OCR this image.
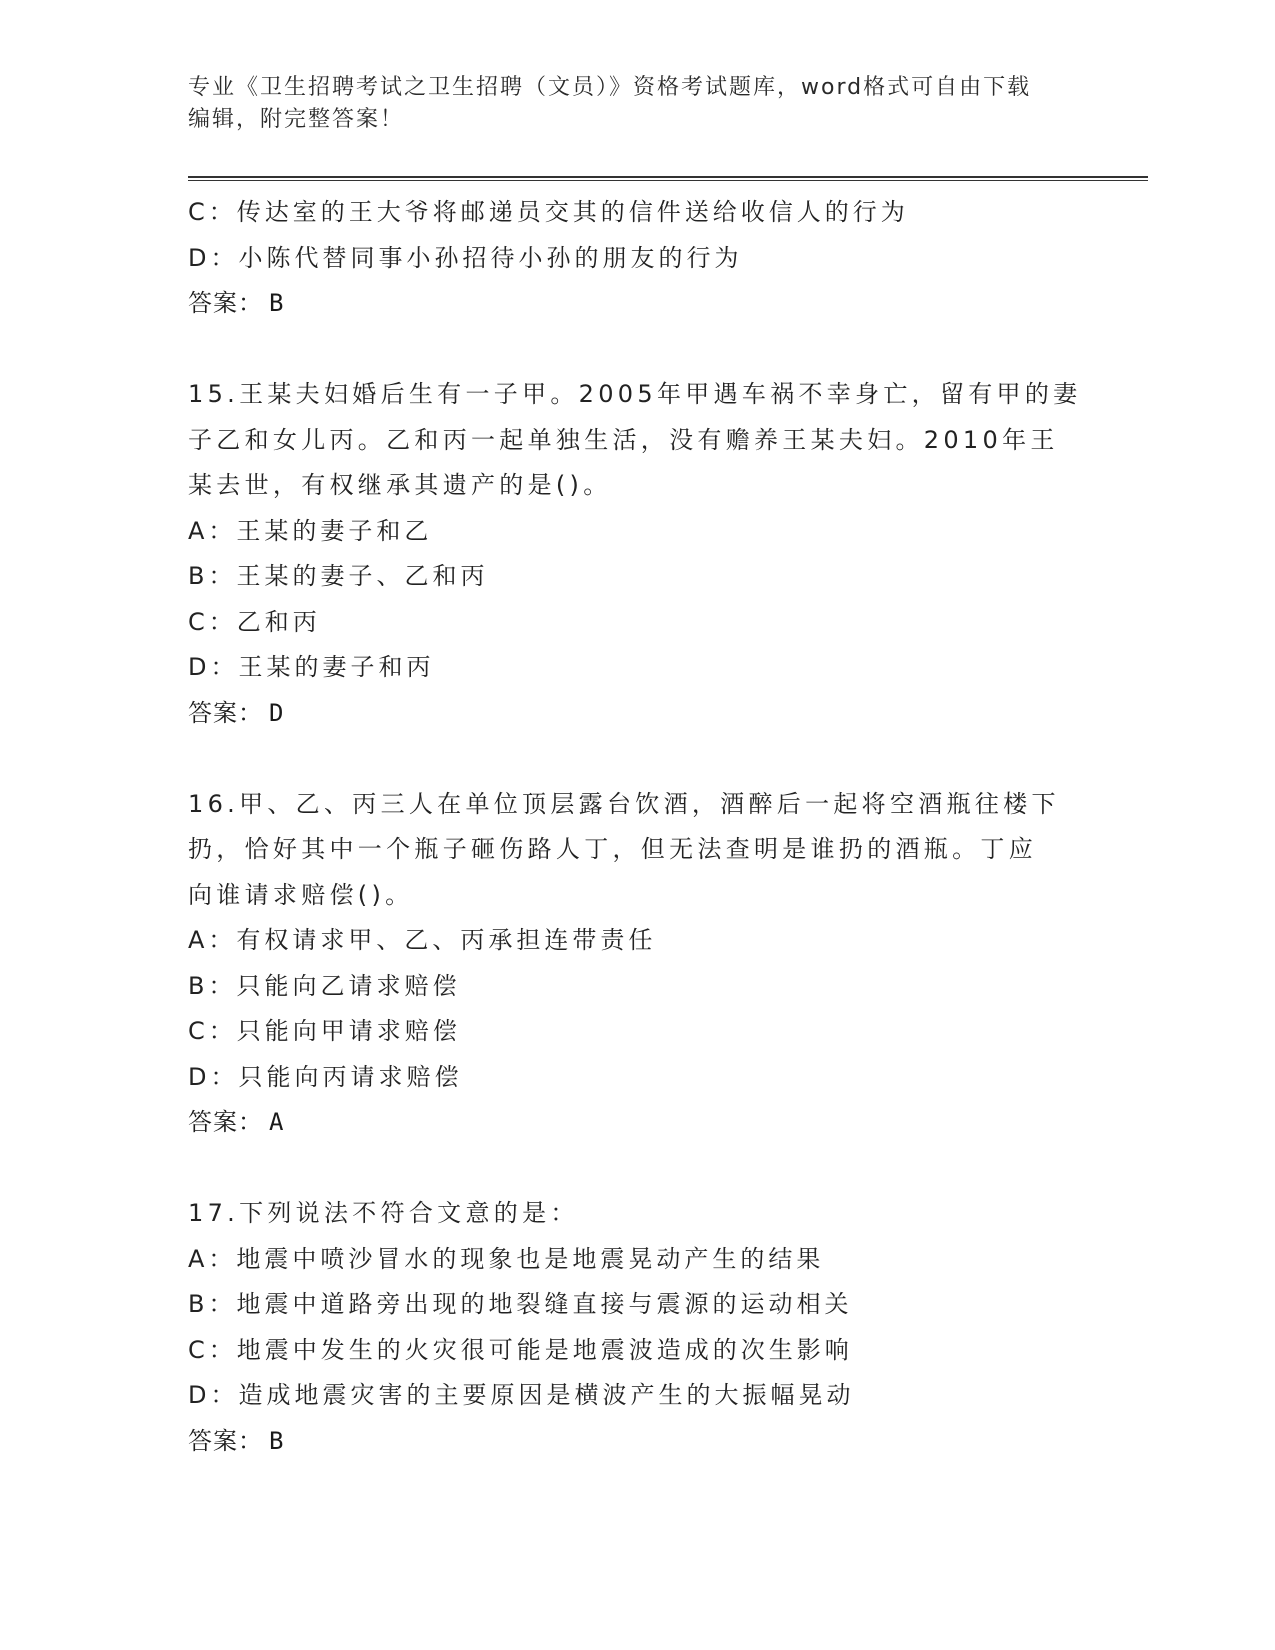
专业《卫生招聘考试之卫生招聘（文员）》资格考试题库，word格式可自由下载
编辑，附完整答案！
C：传达室的王大爷将邮递员交其的信件送给收信人的行为
D：小陈代替同事小孙招待小孙的朋友的行为
答案： B
15.王某夫妇婚后生有一子甲。2005年甲遇车祸不幸身亡，留有甲的妻
子乙和女儿丙。乙和丙一起单独生活，没有赡养王某夫妇。2010年王
某去世，有权继承其遗产的是()。
A：王某的妻子和乙
B：王某的妻子、乙和丙
C：乙和丙
D：王某的妻子和丙
答案： D
16.甲、乙、丙三人在单位顶层露台饮酒，酒醉后一起将空酒瓶往楼下
扔，恰好其中一个瓶子砸伤路人丁，但无法查明是谁扔的酒瓶。丁应
向谁请求赔偿()。
A：有权请求甲、乙、丙承担连带责任
B：只能向乙请求赔偿
C：只能向甲请求赔偿
D：只能向丙请求赔偿
答案： A
17.下列说法不符合文意的是：
A：地震中喷沙冒水的现象也是地震晃动产生的结果
B：地震中道路旁出现的地裂缝直接与震源的运动相关
C：地震中发生的火灾很可能是地震波造成的次生影响
D：造成地震灾害的主要原因是横波产生的大振幅晃动
答案： B
